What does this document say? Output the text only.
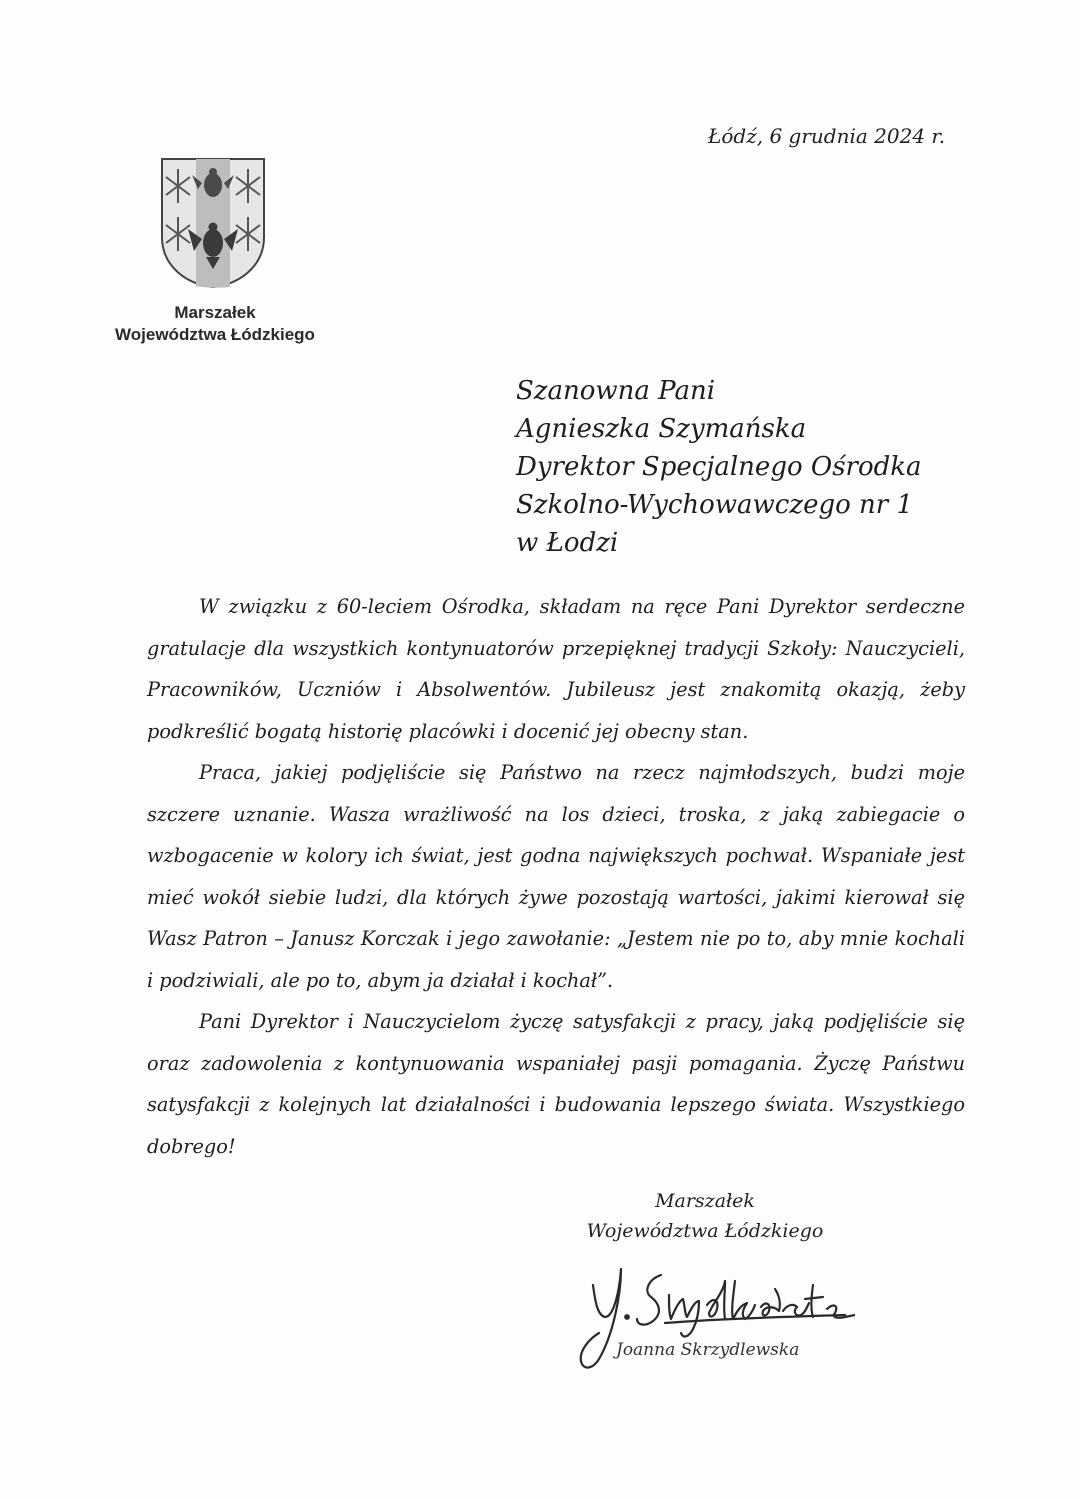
Łódź, 6 grudnia 2024 r.
Marszałek
Województwa Łódzkiego
Szanowna Pani
Agnieszka Szymańska
Dyrektor Specjalnego Ośrodka
Szkolno-Wychowawczego nr 1
w Łodzi

W związku z 60-leciem Ośrodka, składam na ręce Pani Dyrektor serdeczne gratulacje dla wszystkich kontynuatorów przepięknej tradycji Szkoły: Nauczycieli, Pracowników, Uczniów i Absolwentów. Jubileusz jest znakomitą okazją, żeby podkreślić bogatą historię placówki i docenić jej obecny stan.

Praca, jakiej podjęliście się Państwo na rzecz najmłodszych, budzi moje szczere uznanie. Wasza wrażliwość na los dzieci, troska, z jaką zabiegacie o wzbogacenie w kolory ich świat, jest godna największych pochwał. Wspaniałe jest mieć wokół siebie ludzi, dla których żywe pozostają wartości, jakimi kierował się Wasz Patron – Janusz Korczak i jego zawołanie: „Jestem nie po to, aby mnie kochali i podziwiali, ale po to, abym ja działał i kochał”.

Pani Dyrektor i Nauczycielom życzę satysfakcji z pracy, jaką podjęliście się oraz zadowolenia z kontynuowania wspaniałej pasji pomagania. Życzę Państwu satysfakcji z kolejnych lat działalności i budowania lepszego świata. Wszystkiego dobrego!

Marszałek
Województwa Łódzkiego
Joanna Skrzydlewska
